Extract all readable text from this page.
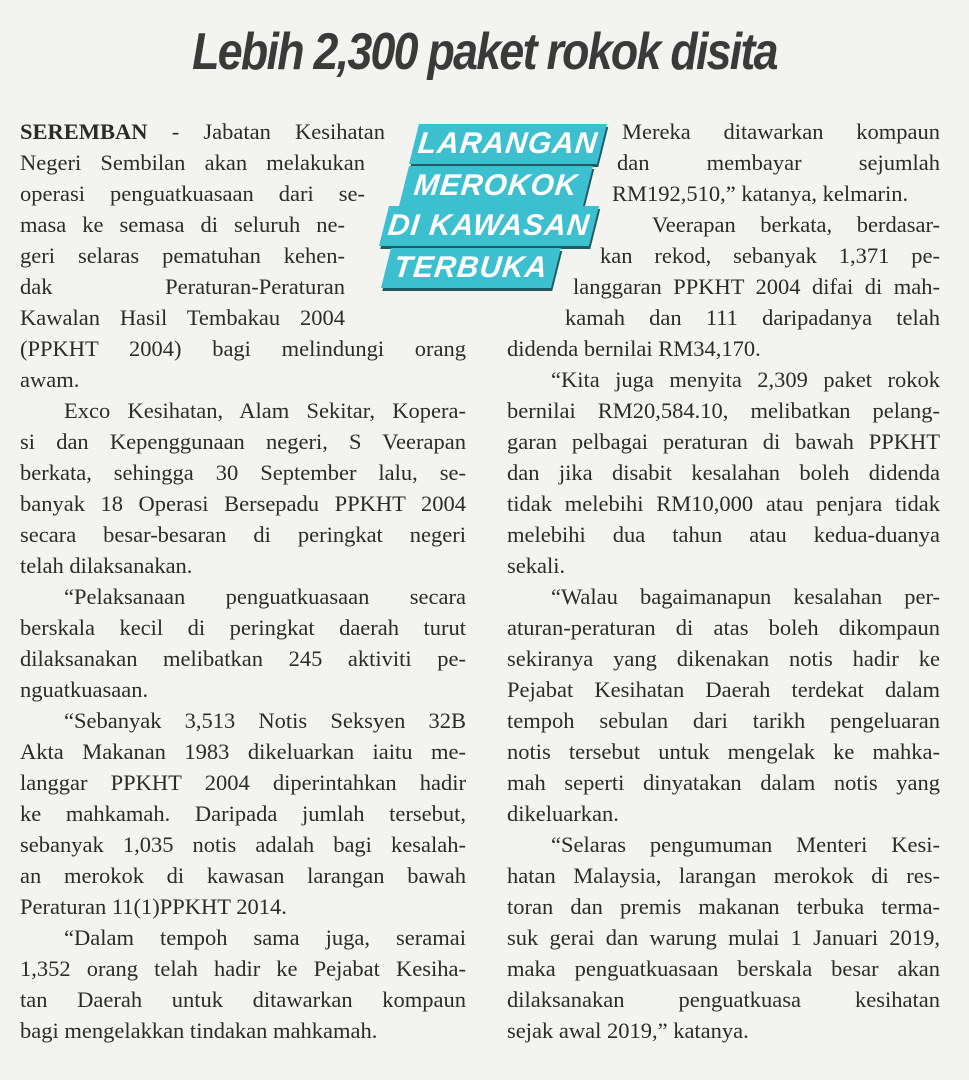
Lebih 2,300 paket rokok disita
SEREMBAN - Jabatan Kesihatan
Negeri Sembilan akan melakukan
operasi penguatkuasaan dari se-
masa ke semasa di seluruh ne-
geri selaras pematuhan kehen-
dak Peraturan-Peraturan
Kawalan Hasil Tembakau 2004
(PPKHT 2004) bagi melindungi orang
awam.
Exco Kesihatan, Alam Sekitar, Kopera-
si dan Kepenggunaan negeri, S Veerapan
berkata, sehingga 30 September lalu, se-
banyak 18 Operasi Bersepadu PPKHT 2004
secara besar-besaran di peringkat negeri
telah dilaksanakan.
“Pelaksanaan penguatkuasaan secara
berskala kecil di peringkat daerah turut
dilaksanakan melibatkan 245 aktiviti pe-
nguatkuasaan.
“Sebanyak 3,513 Notis Seksyen 32B
Akta Makanan 1983 dikeluarkan iaitu me-
langgar PPKHT 2004 diperintahkan hadir
ke mahkamah. Daripada jumlah tersebut,
sebanyak 1,035 notis adalah bagi kesalah-
an merokok di kawasan larangan bawah
Peraturan 11(1)PPKHT 2014.
“Dalam tempoh sama juga, seramai
1,352 orang telah hadir ke Pejabat Kesiha-
tan Daerah untuk ditawarkan kompaun
bagi mengelakkan tindakan mahkamah.
Mereka ditawarkan kompaun
dan membayar sejumlah
RM192,510,” katanya, kelmarin.
Veerapan berkata, berdasar-
kan rekod, sebanyak 1,371 pe-
langgaran PPKHT 2004 difai di mah-
kamah dan 111 daripadanya telah
didenda bernilai RM34,170.
“Kita juga menyita 2,309 paket rokok
bernilai RM20,584.10, melibatkan pelang-
garan pelbagai peraturan di bawah PPKHT
dan jika disabit kesalahan boleh didenda
tidak melebihi RM10,000 atau penjara tidak
melebihi dua tahun atau kedua-duanya
sekali.
“Walau bagaimanapun kesalahan per-
aturan-peraturan di atas boleh dikompaun
sekiranya yang dikenakan notis hadir ke
Pejabat Kesihatan Daerah terdekat dalam
tempoh sebulan dari tarikh pengeluaran
notis tersebut untuk mengelak ke mahka-
mah seperti dinyatakan dalam notis yang
dikeluarkan.
“Selaras pengumuman Menteri Kesi-
hatan Malaysia, larangan merokok di res-
toran dan premis makanan terbuka terma-
suk gerai dan warung mulai 1 Januari 2019,
maka penguatkuasaan berskala besar akan
dilaksanakan penguatkuasa kesihatan
sejak awal 2019,” katanya.
LARANGAN
MEROKOK
DI KAWASAN
TERBUKA
